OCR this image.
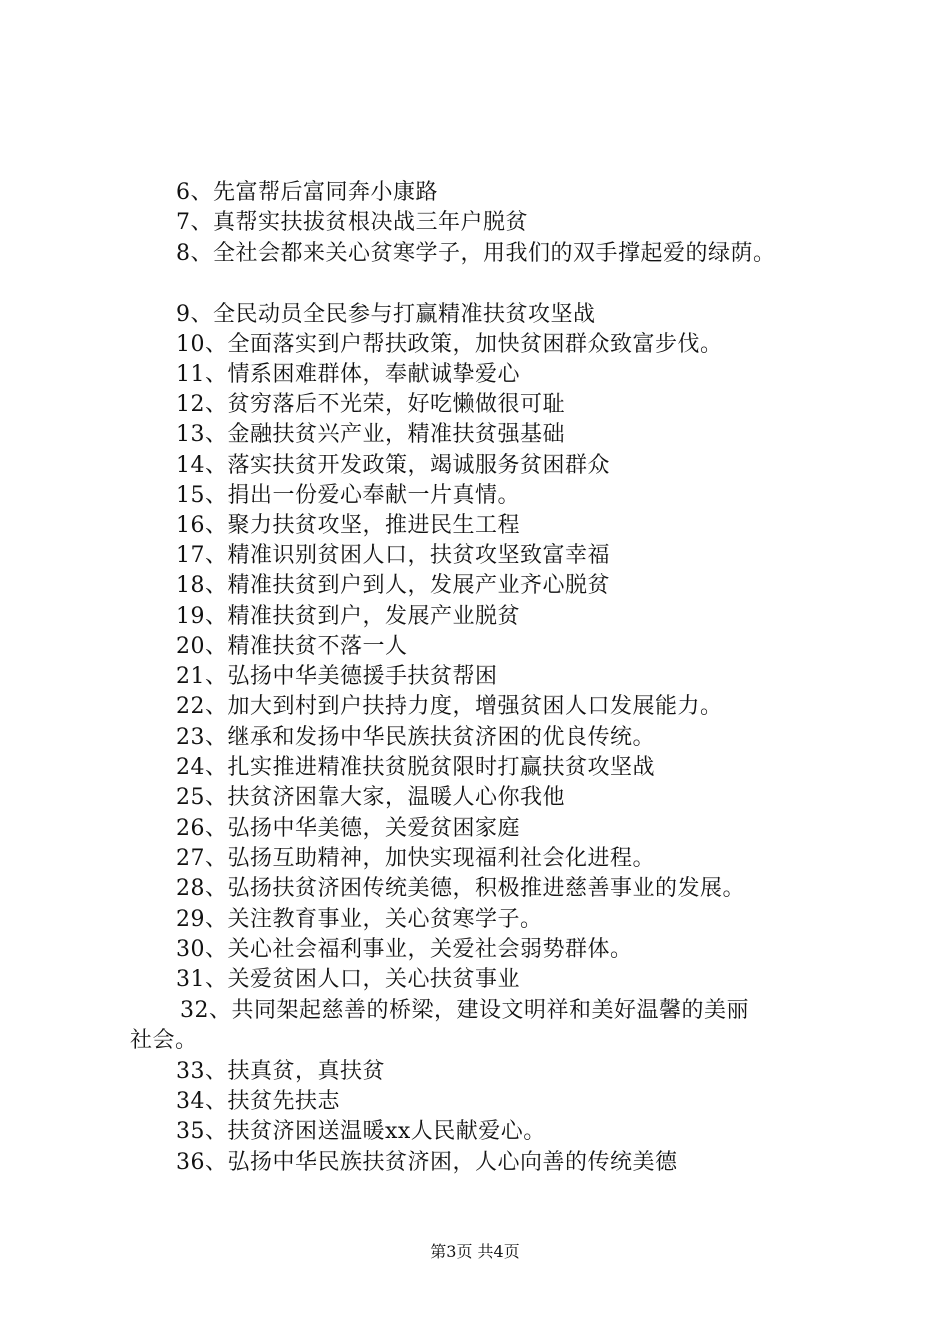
6、先富帮后富同奔小康路
7、真帮实扶拔贫根决战三年户脱贫
8、全社会都来关心贫寒学子，用我们的双手撑起爱的绿荫。
9、全民动员全民参与打赢精准扶贫攻坚战
10、全面落实到户帮扶政策，加快贫困群众致富步伐。
11、情系困难群体，奉献诚挚爱心
12、贫穷落后不光荣，好吃懒做很可耻
13、金融扶贫兴产业，精准扶贫强基础
14、落实扶贫开发政策，竭诚服务贫困群众
15、捐出一份爱心奉献一片真情。
16、聚力扶贫攻坚，推进民生工程
17、精准识别贫困人口，扶贫攻坚致富幸福
18、精准扶贫到户到人，发展产业齐心脱贫
19、精准扶贫到户，发展产业脱贫
20、精准扶贫不落一人
21、弘扬中华美德援手扶贫帮困
22、加大到村到户扶持力度，增强贫困人口发展能力。
23、继承和发扬中华民族扶贫济困的优良传统。
24、扎实推进精准扶贫脱贫限时打赢扶贫攻坚战
25、扶贫济困靠大家，温暖人心你我他
26、弘扬中华美德，关爱贫困家庭
27、弘扬互助精神，加快实现福利社会化进程。
28、弘扬扶贫济困传统美德，积极推进慈善事业的发展。
29、关注教育事业，关心贫寒学子。
30、关心社会福利事业，关爱社会弱势群体。
31、关爱贫困人口，关心扶贫事业
32、共同架起慈善的桥梁，建设文明祥和美好温馨的美丽
社会。
33、扶真贫，真扶贫
34、扶贫先扶志
35、扶贫济困送温暖xx人民献爱心。
36、弘扬中华民族扶贫济困，人心向善的传统美德
第3页 共4页
